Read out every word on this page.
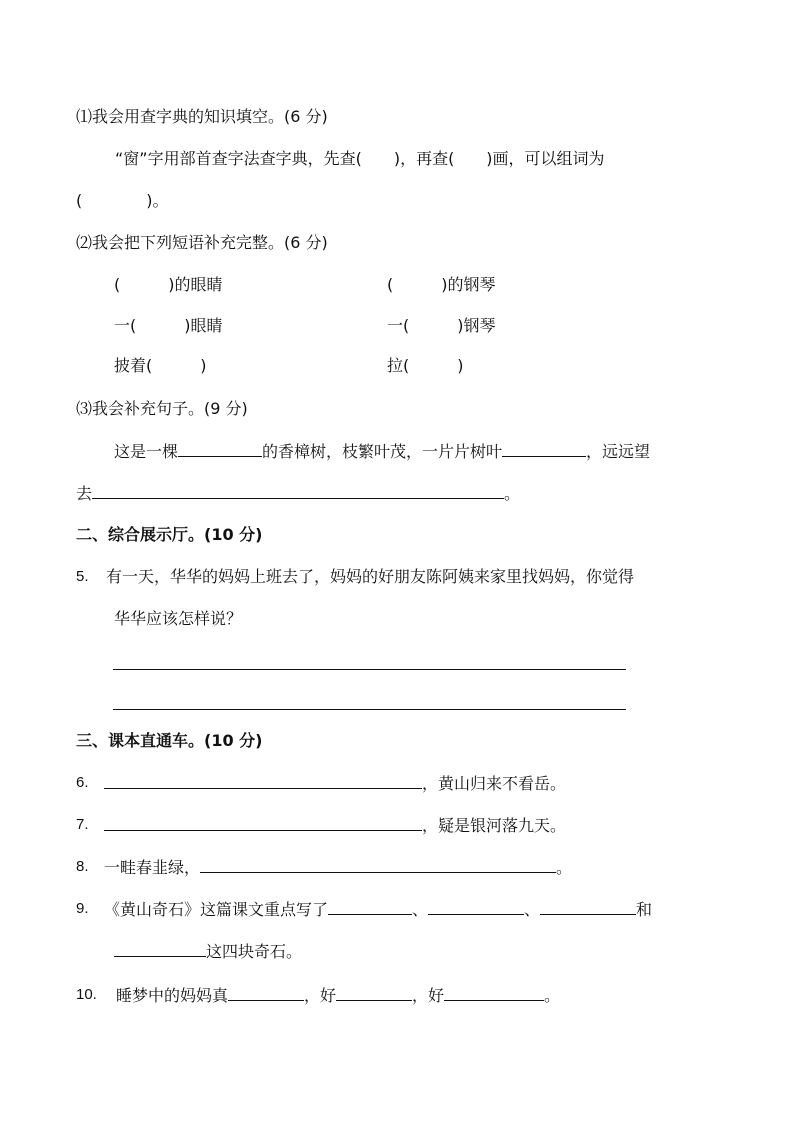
⑴我会用查字典的知识填空。(6 分)
“窗”字用部首查字法查字典，先查(　　)，再查(　　)画，可以组词为
(　　　　)。
⑵我会把下列短语补充完整。(6 分)
(　　　)的眼睛	(　　　)的钢琴
一(　　　)眼睛	一(　　　)钢琴
披着(　　　)	拉(　　　)
⑶我会补充句子。(9 分)
这是一棵	的香樟树，枝繁叶茂，一片片树叶	，远远望
去	。
二、综合展示厅。(10 分)
5. 有一天，华华的妈妈上班去了，妈妈的好朋友陈阿姨来家里找妈妈，你觉得
华华应该怎样说？
三、课本直通车。(10 分)
6.	，黄山归来不看岳。
7.	，疑是银河落九天。
8. 一畦春韭绿，	。
9. 《黄山奇石》这篇课文重点写了	、	、	和
这四块奇石。
10. 睡梦中的妈妈真	，好	，好	。
